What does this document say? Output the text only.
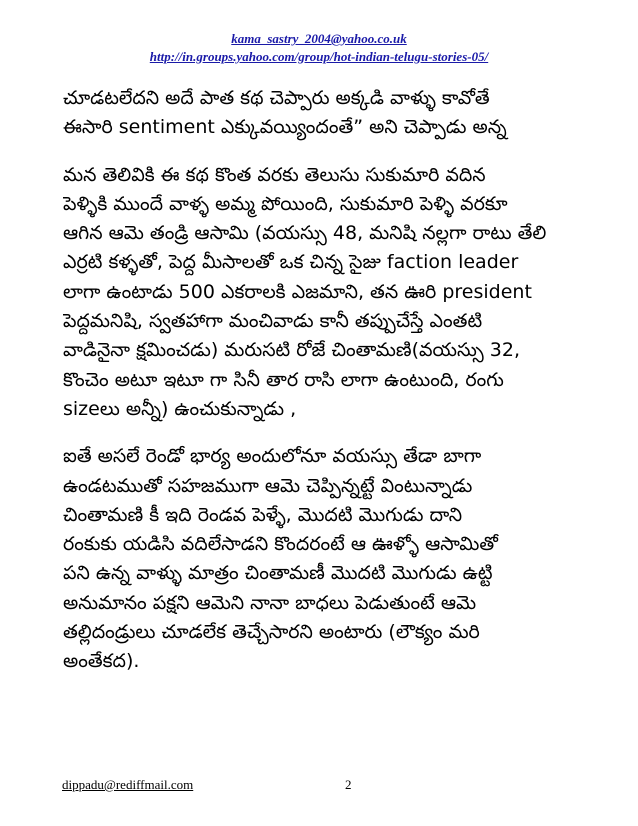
kama_sastry_2004@yahoo.co.uk
http://in.groups.yahoo.com/group/hot-indian-telugu-stories-05/
చూడటలేదని అదే పాత కథ చెప్పారు అక్కడి వాళ్ళు కావోతే
ఈసారి sentiment ఎక్కువయ్యిందంతే” అని చెప్పాడు అన్న
మన తెలివికి ఈ కథ కొంత వరకు తెలుసు సుకుమారి వదిన
పెళ్ళికి ముందే వాళ్ళ అమ్మ పోయింది, సుకుమారి పెళ్ళి వరకూ
ఆగిన ఆమె తండ్రి ఆసామి (వయస్సు 48, మనిషి నల్లగా రాటు తేలి
ఎర్రటి కళ్ళతో, పెద్ద మీసాలతో ఒక చిన్న సైజు faction leader
లాగా ఉంటాడు 500 ఎకరాలకి ఎజమాని, తన ఊరి president
పెద్దమనిషి, స్వతహాగా మంచివాడు కానీ తప్పుచేస్తే ఎంతటి
వాడినైనా క్షమించడు) మరుసటి రోజే చింతామణి(వయస్సు 32,
కొంచెం అటూ ఇటూ గా సినీ తార రాసి లాగా ఉంటుంది, రంగు
sizeలు అన్నీ) ఉంచుకున్నాడు ,
ఐతే అసలే రెండో భార్య అందులోనూ వయస్సు తేడా బాగా
ఉండటముతో సహజముగా ఆమె చెప్పిన్నట్టే వింటున్నాడు
చింతామణి కీ ఇది రెండవ పెళ్ళే, మొదటి మొగుడు దాని
రంకుకు యడిసి వదిలేసాడని కొందరంటే ఆ ఊళ్ళో ఆసామితో
పని ఉన్న వాళ్ళు మాత్రం చింతామణీ మొదటి మొగుడు ఉట్టి
అనుమానం పక్షని ఆమెని నానా బాధలు పెడుతుంటే ఆమె
తల్లిదండ్రులు చూడలేక తెచ్చేసారని అంటారు (లౌక్యం మరి
అంతేకద).
dippadu@rediffmail.com	2
